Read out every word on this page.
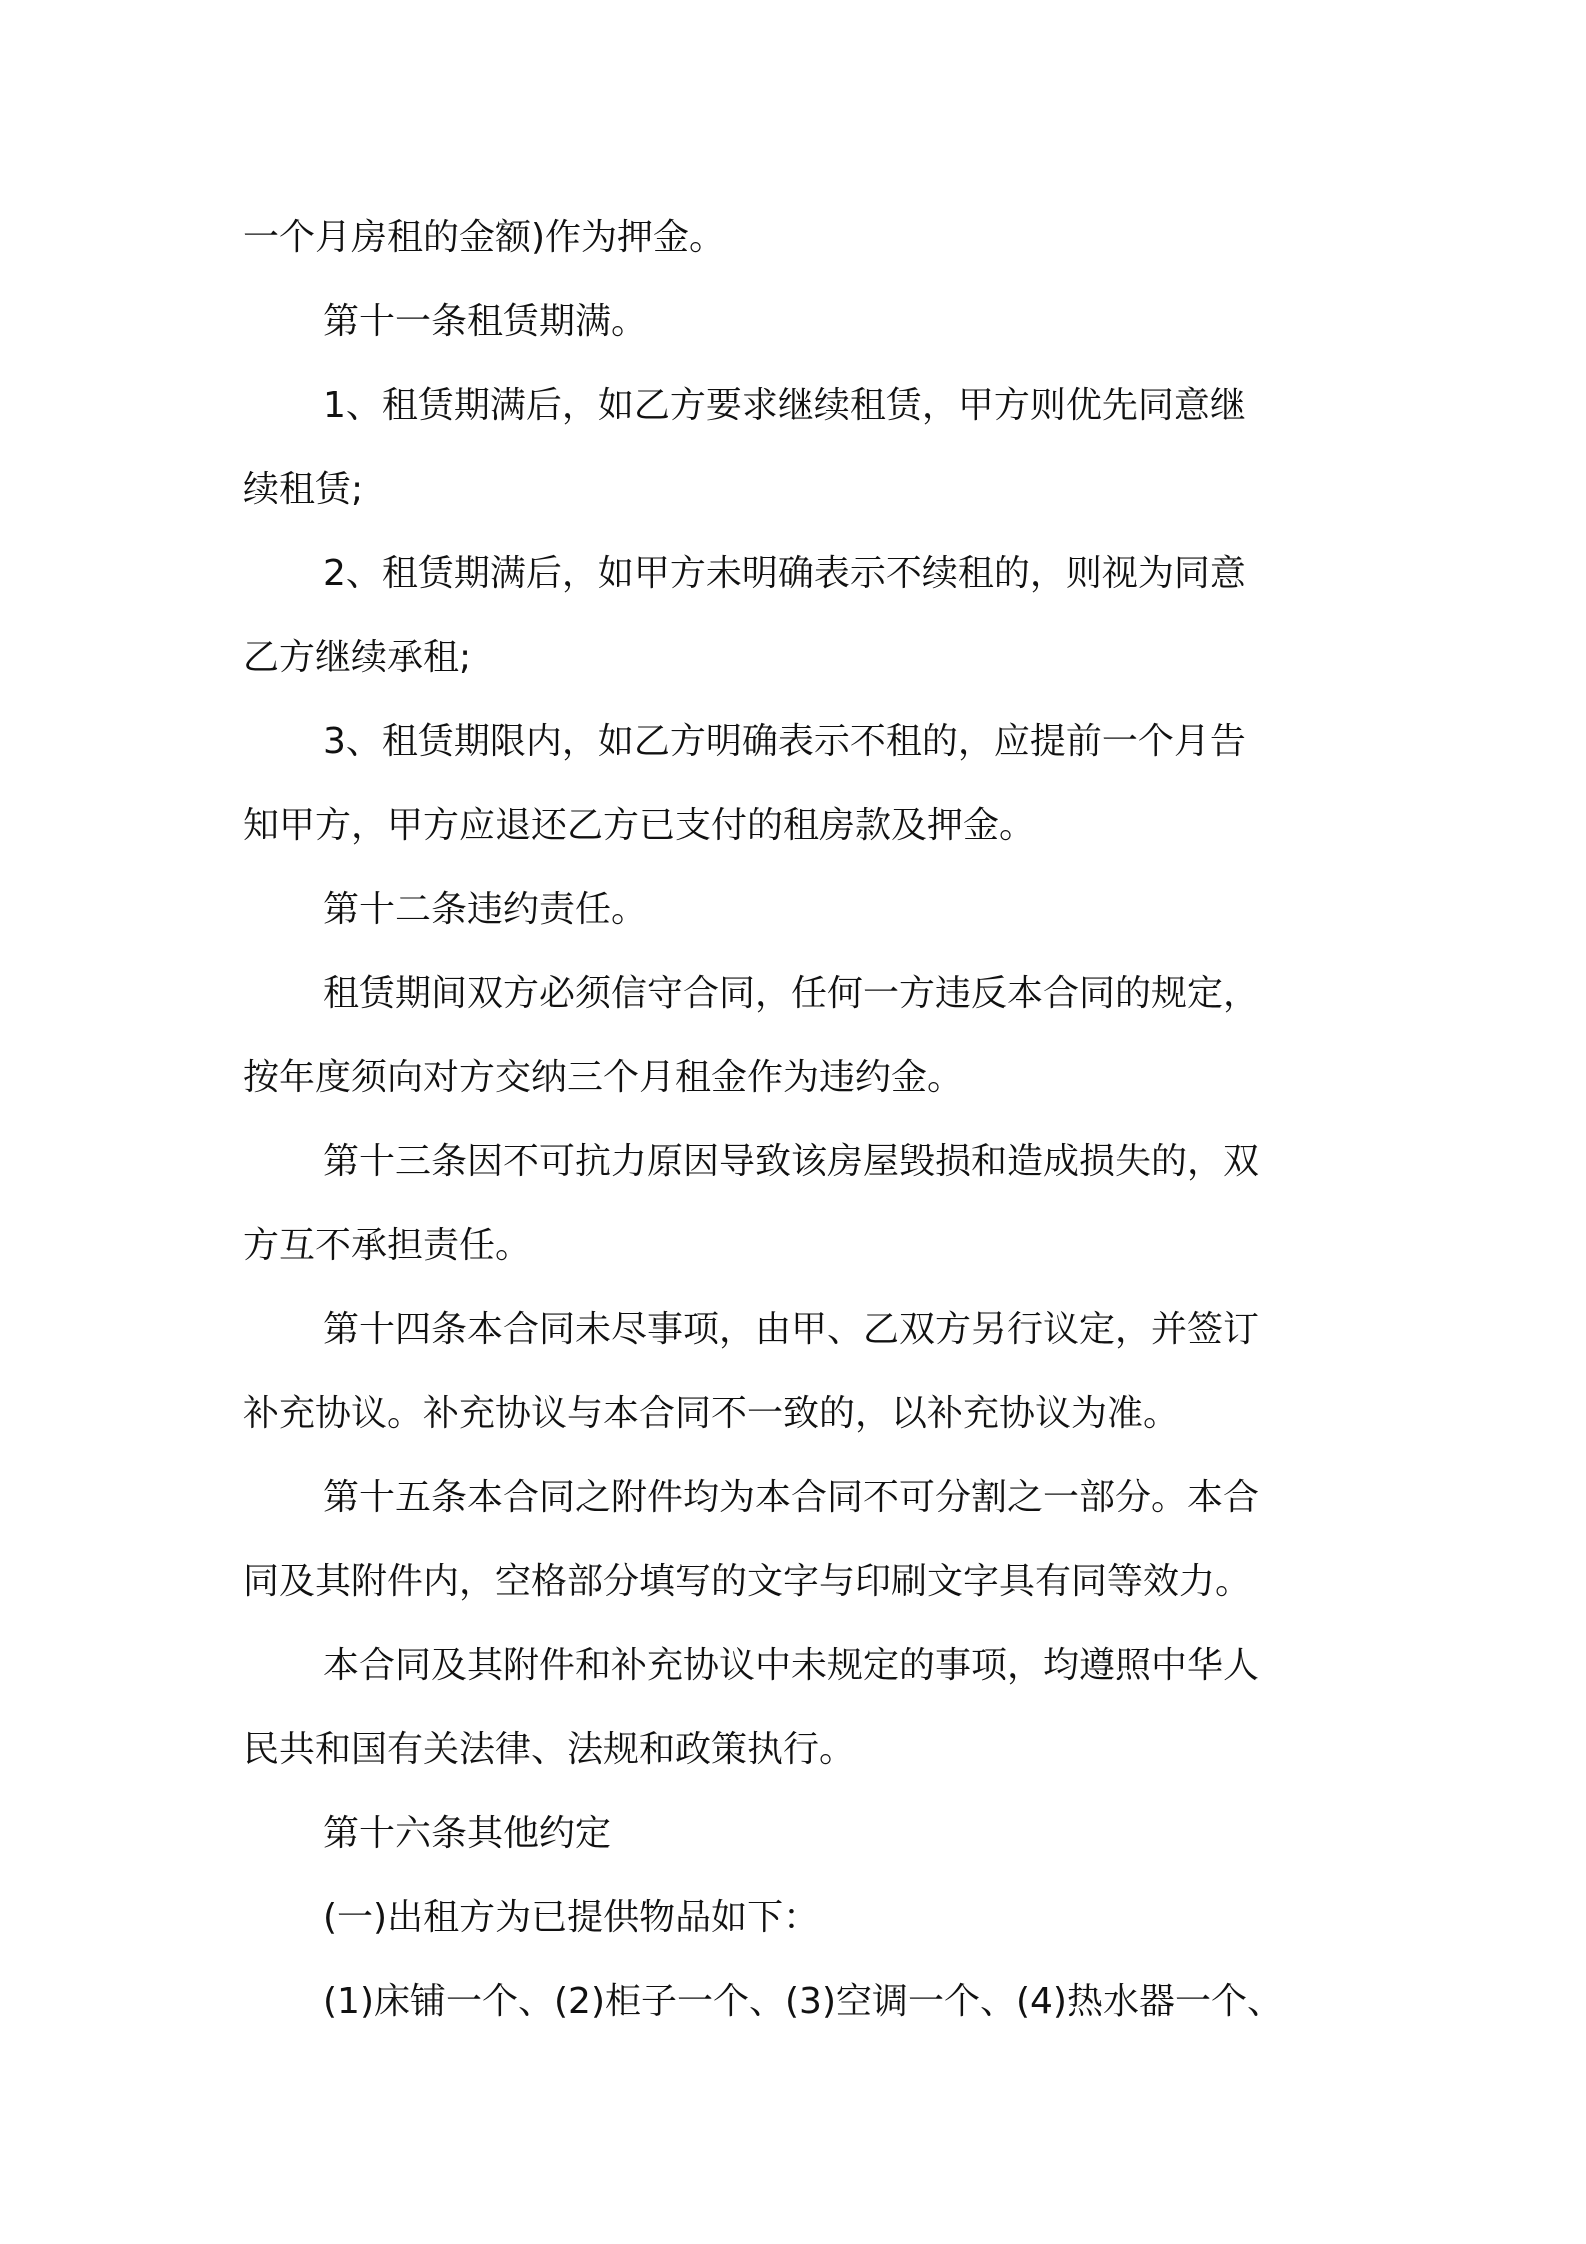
一个月房租的金额)作为押金。
第十一条租赁期满。
1、租赁期满后，如乙方要求继续租赁，甲方则优先同意继
续租赁;
2、租赁期满后，如甲方未明确表示不续租的，则视为同意
乙方继续承租;
3、租赁期限内，如乙方明确表示不租的，应提前一个月告
知甲方，甲方应退还乙方已支付的租房款及押金。
第十二条违约责任。
租赁期间双方必须信守合同，任何一方违反本合同的规定，
按年度须向对方交纳三个月租金作为违约金。
第十三条因不可抗力原因导致该房屋毁损和造成损失的，双
方互不承担责任。
第十四条本合同未尽事项，由甲、乙双方另行议定，并签订
补充协议。补充协议与本合同不一致的，以补充协议为准。
第十五条本合同之附件均为本合同不可分割之一部分。本合
同及其附件内，空格部分填写的文字与印刷文字具有同等效力。
本合同及其附件和补充协议中未规定的事项，均遵照中华人
民共和国有关法律、法规和政策执行。
第十六条其他约定
(一)出租方为已提供物品如下：
(1)床铺一个、(2)柜子一个、(3)空调一个、(4)热水器一个、
